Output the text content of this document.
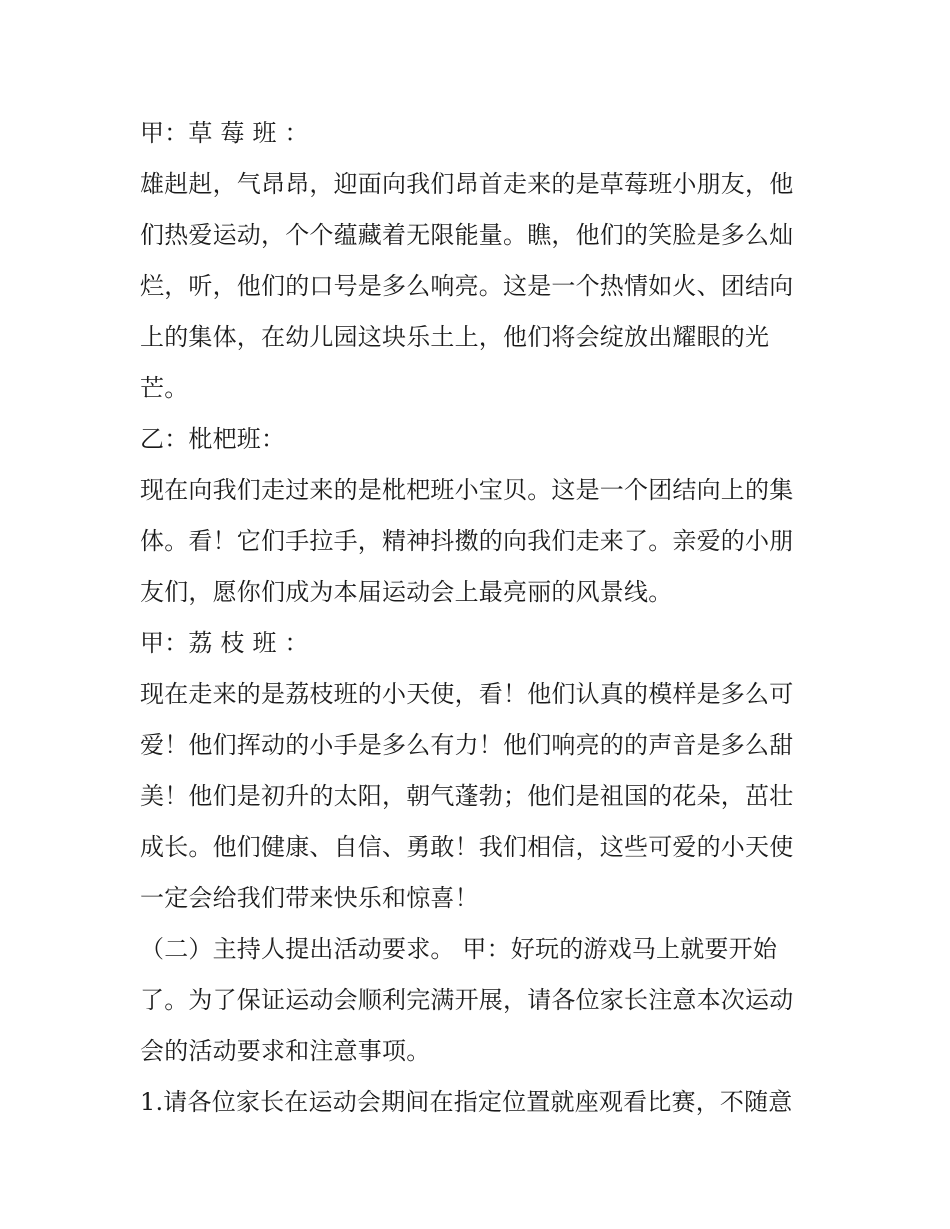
甲：草 莓 班 ：
雄赳赳，气昂昂，迎面向我们昂首走来的是草莓班小朋友，他
们热爱运动，个个蕴藏着无限能量。瞧，他们的笑脸是多么灿
烂，听，他们的口号是多么响亮。这是一个热情如火、团结向
上的集体，在幼儿园这块乐土上，他们将会绽放出耀眼的光
芒。
乙：枇杷班：
现在向我们走过来的是枇杷班小宝贝。这是一个团结向上的集
体。看！它们手拉手，精神抖擞的向我们走来了。亲爱的小朋
友们，愿你们成为本届运动会上最亮丽的风景线。
甲：荔 枝 班 ：
现在走来的是荔枝班的小天使，看！他们认真的模样是多么可
爱！他们挥动的小手是多么有力！他们响亮的的声音是多么甜
美！他们是初升的太阳，朝气蓬勃；他们是祖国的花朵，茁壮
成长。他们健康、自信、勇敢！我们相信，这些可爱的小天使
一定会给我们带来快乐和惊喜！
（二）主持人提出活动要求。 甲：好玩的游戏马上就要开始
了。为了保证运动会顺利完满开展，请各位家长注意本次运动
会的活动要求和注意事项。
1.请各位家长在运动会期间在指定位置就座观看比赛，不随意
